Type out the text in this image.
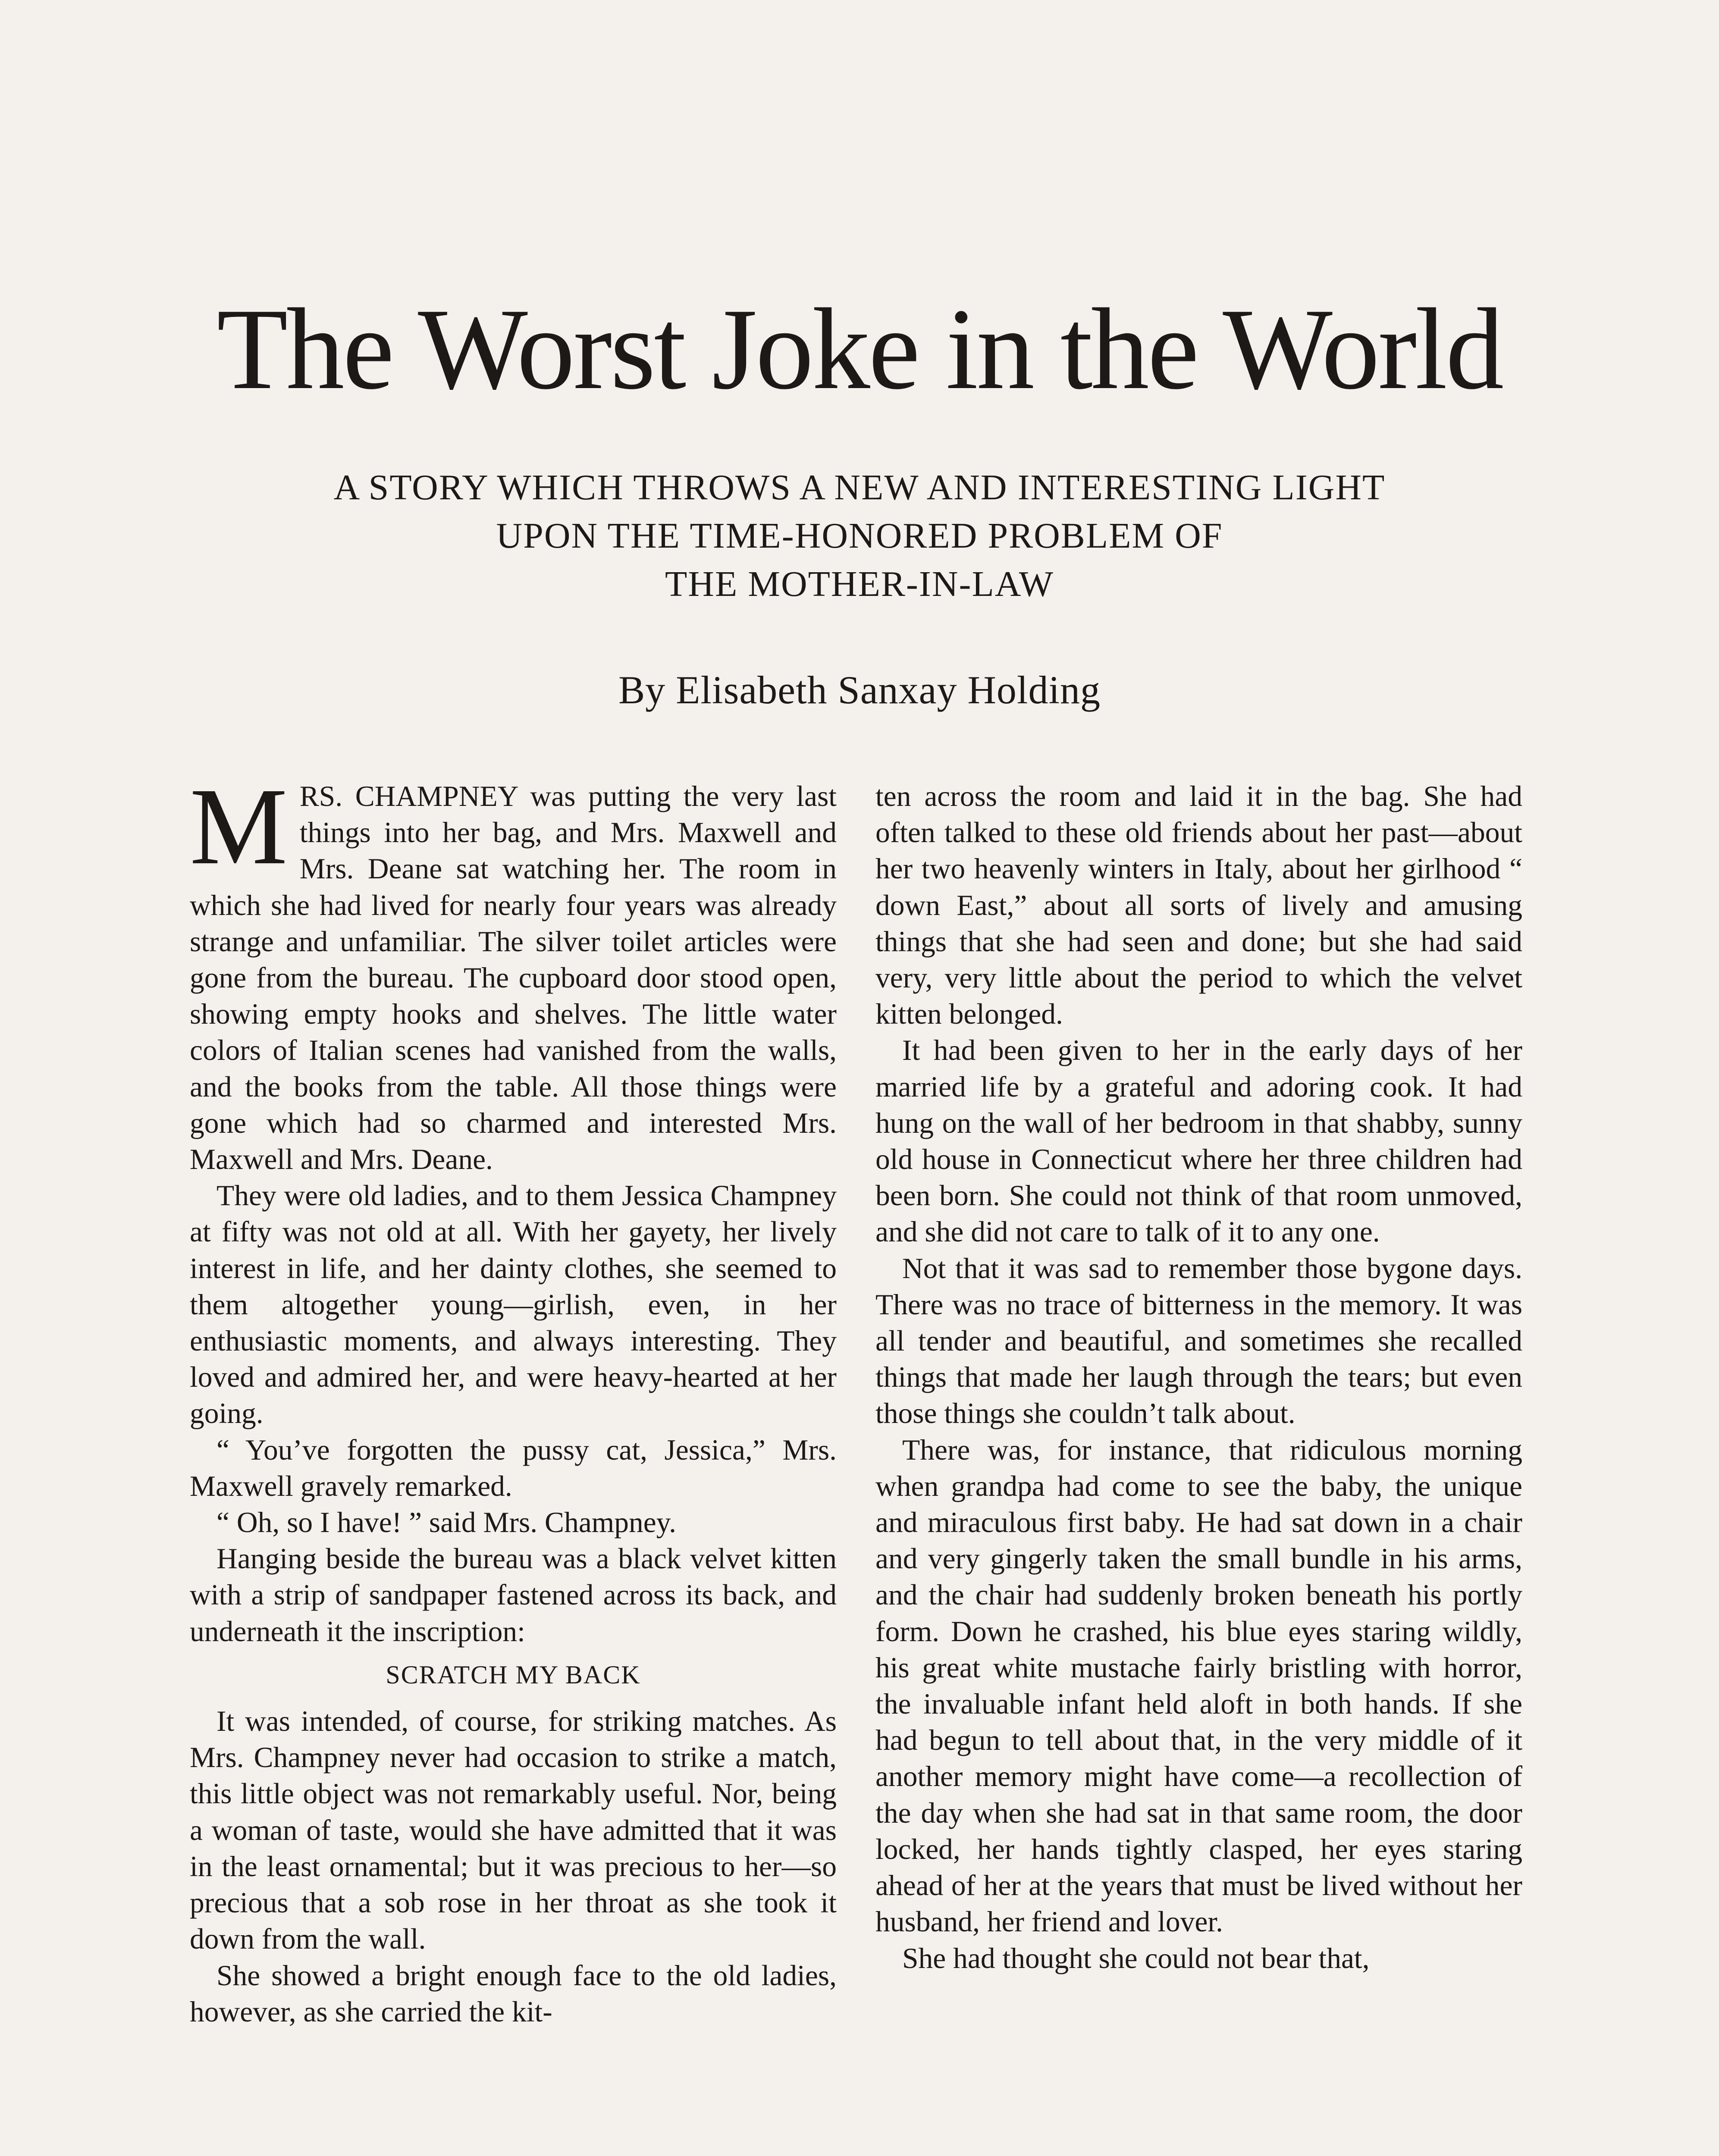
The Worst Joke in the World
A STORY WHICH THROWS A NEW AND INTERESTING LIGHT
UPON THE TIME-HONORED PROBLEM OF
THE MOTHER-IN-LAW
By Elisabeth Sanxay Holding

MRS. CHAMPNEY was putting the very last things into her bag, and Mrs. Maxwell and Mrs. Deane sat watching her. The room in which she had lived for nearly four years was already strange and unfamiliar. The silver toilet articles were gone from the bureau. The cupboard door stood open, showing empty hooks and shelves. The little water colors of Italian scenes had vanished from the walls, and the books from the table. All those things were gone which had so charmed and interested Mrs. Maxwell and Mrs. Deane.

They were old ladies, and to them Jessica Champney at fifty was not old at all. With her gayety, her lively interest in life, and her dainty clothes, she seemed to them altogether young—girlish, even, in her enthusiastic moments, and always interesting. They loved and admired her, and were heavy-hearted at her going.

“ You’ve forgotten the pussy cat, Jessica,” Mrs. Maxwell gravely remarked.

“ Oh, so I have! ” said Mrs. Champney.

Hanging beside the bureau was a black velvet kitten with a strip of sandpaper fastened across its back, and underneath it the inscription:

SCRATCH MY BACK

It was intended, of course, for striking matches. As Mrs. Champney never had occasion to strike a match, this little object was not remarkably useful. Nor, being a woman of taste, would she have admitted that it was in the least ornamental; but it was precious to her—so precious that a sob rose in her throat as she took it down from the wall.

She showed a bright enough face to the old ladies, however, as she carried the kit-

ten across the room and laid it in the bag. She had often talked to these old friends about her past—about her two heavenly winters in Italy, about her girlhood “ down East,” about all sorts of lively and amusing things that she had seen and done; but she had said very, very little about the period to which the velvet kitten belonged.

It had been given to her in the early days of her married life by a grateful and adoring cook. It had hung on the wall of her bedroom in that shabby, sunny old house in Connecticut where her three children had been born. She could not think of that room unmoved, and she did not care to talk of it to any one.

Not that it was sad to remember those bygone days. There was no trace of bitterness in the memory. It was all tender and beautiful, and sometimes she recalled things that made her laugh through the tears; but even those things she couldn’t talk about.

There was, for instance, that ridiculous morning when grandpa had come to see the baby, the unique and miraculous first baby. He had sat down in a chair and very gingerly taken the small bundle in his arms, and the chair had suddenly broken beneath his portly form. Down he crashed, his blue eyes staring wildly, his great white mustache fairly bristling with horror, the invaluable infant held aloft in both hands. If she had begun to tell about that, in the very middle of it another memory might have come—a recollection of the day when she had sat in that same room, the door locked, her hands tightly clasped, her eyes staring ahead of her at the years that must be lived without her husband, her friend and lover.

She had thought she could not bear that,
